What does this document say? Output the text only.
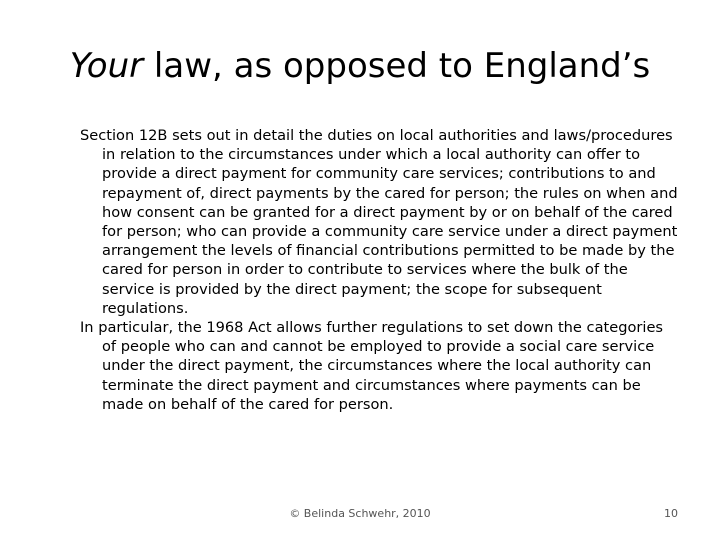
Your law, as opposed to England’s

Section 12B sets out in detail the duties on local authorities and laws/procedures in relation to the circumstances under which a local authority can offer to provide a direct payment for community care services; contributions to and repayment of, direct payments by the cared for person; the rules on when and how consent can be granted for a direct payment by or on behalf of the cared for person; who can provide a community care service under a direct payment arrangement the levels of financial contributions permitted to be made by the cared for person in order to contribute to services where the bulk of the service is provided by the direct payment; the scope for subsequent regulations.

In particular, the 1968 Act allows further regulations to set down the categories of people who can and cannot be employed to provide a social care service under the direct payment, the circumstances where the local authority can terminate the direct payment and circumstances where payments can be made on behalf of the cared for person.

© Belinda Schwehr, 2010	10
